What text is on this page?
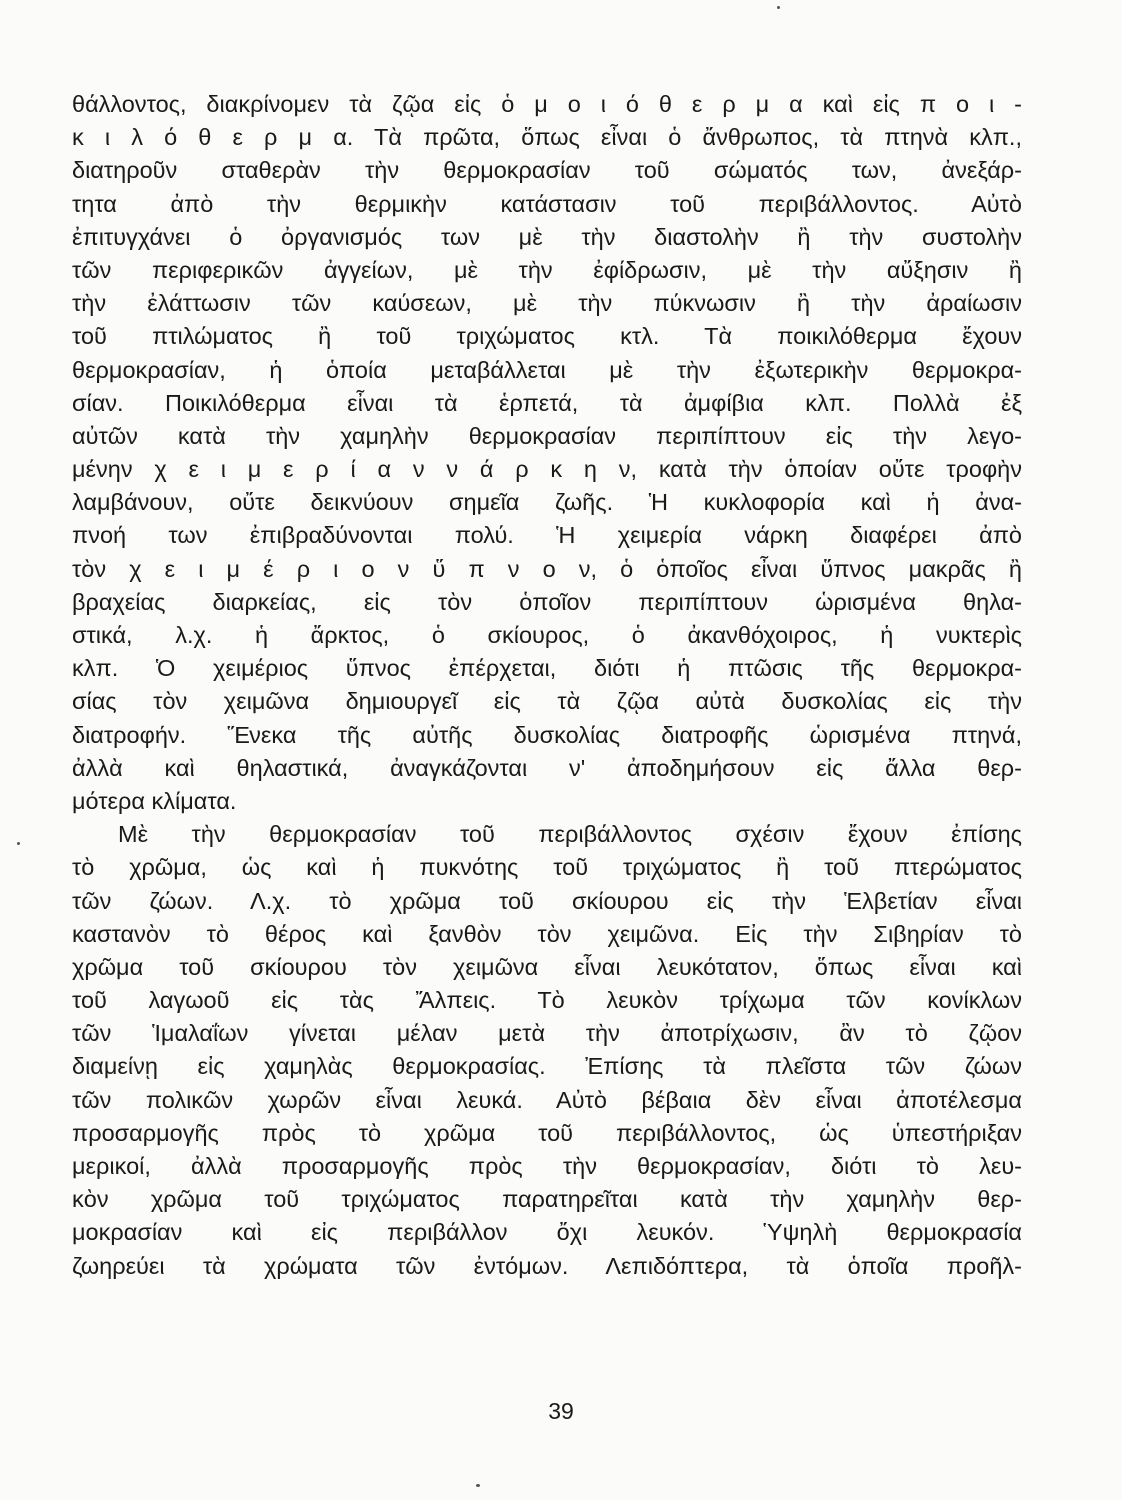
θάλλοντος, διακρίνομεν τὰ ζῷα εἰς ὁ μ ο ι ό θ ε ρ μ α καὶ εἰς π ο ι -
κ ι λ ό θ ε ρ μ α. Τὰ πρῶτα, ὅπως εἶναι ὁ ἄνθρωπος, τὰ πτηνὰ κλπ.,
διατηροῦν σταθερὰν τὴν θερμοκρασίαν τοῦ σώματός των, ἀνεξάρ-
τητα ἀπὸ τὴν θερμικὴν κατάστασιν τοῦ περιβάλλοντος. Αὐτὸ
ἐπιτυγχάνει ὁ ὀργανισμός των μὲ τὴν διαστολὴν ἢ τὴν συστολὴν
τῶν περιφερικῶν ἀγγείων, μὲ τὴν ἐφίδρωσιν, μὲ τὴν αὔξησιν ἢ
τὴν ἐλάττωσιν τῶν καύσεων, μὲ τὴν πύκνωσιν ἢ τὴν ἀραίωσιν
τοῦ πτιλώματος ἢ τοῦ τριχώματος κτλ. Τὰ ποικιλόθερμα ἔχουν
θερμοκρασίαν, ἡ ὁποία μεταβάλλεται μὲ τὴν ἐξωτερικὴν θερμοκρα-
σίαν. Ποικιλόθερμα εἶναι τὰ ἑρπετά, τὰ ἀμφίβια κλπ. Πολλὰ ἐξ
αὐτῶν κατὰ τὴν χαμηλὴν θερμοκρασίαν περιπίπτουν εἰς τὴν λεγο-
μένην χ ε ι μ ε ρ ί α ν ν ά ρ κ η ν, κατὰ τὴν ὁποίαν οὔτε τροφὴν
λαμβάνουν, οὔτε δεικνύουν σημεῖα ζωῆς. Ἡ κυκλοφορία καὶ ἡ ἀνα-
πνοή των ἐπιβραδύνονται πολύ. Ἡ χειμερία νάρκη διαφέρει ἀπὸ
τὸν χ ε ι μ έ ρ ι ο ν ὕ π ν ο ν, ὁ ὁποῖος εἶναι ὕπνος μακρᾶς ἢ
βραχείας διαρκείας, εἰς τὸν ὁποῖον περιπίπτουν ὡρισμένα θηλα-
στικά, λ.χ. ἡ ἄρκτος, ὁ σκίουρος, ὁ ἀκανθόχοιρος, ἡ νυκτερὶς
κλπ. Ὁ χειμέριος ὕπνος ἐπέρχεται, διότι ἡ πτῶσις τῆς θερμοκρα-
σίας τὸν χειμῶνα δημιουργεῖ εἰς τὰ ζῷα αὐτὰ δυσκολίας εἰς τὴν
διατροφήν. Ἕνεκα τῆς αὐτῆς δυσκολίας διατροφῆς ὡρισμένα πτηνά,
ἀλλὰ καὶ θηλαστικά, ἀναγκάζονται ν' ἀποδημήσουν εἰς ἄλλα θερ-
μότερα κλίματα.
Μὲ τὴν θερμοκρασίαν τοῦ περιβάλλοντος σχέσιν ἔχουν ἐπίσης
τὸ χρῶμα, ὡς καὶ ἡ πυκνότης τοῦ τριχώματος ἢ τοῦ πτερώματος
τῶν ζώων. Λ.χ. τὸ χρῶμα τοῦ σκίουρου εἰς τὴν Ἑλβετίαν εἶναι
καστανὸν τὸ θέρος καὶ ξανθὸν τὸν χειμῶνα. Εἰς τὴν Σιβηρίαν τὸ
χρῶμα τοῦ σκίουρου τὸν χειμῶνα εἶναι λευκότατον, ὅπως εἶναι καὶ
τοῦ λαγωοῦ εἰς τὰς Ἄλπεις. Τὸ λευκὸν τρίχωμα τῶν κονίκλων
τῶν Ἱμαλαΐων γίνεται μέλαν μετὰ τὴν ἀποτρίχωσιν, ἂν τὸ ζῷον
διαμείνῃ εἰς χαμηλὰς θερμοκρασίας. Ἐπίσης τὰ πλεῖστα τῶν ζώων
τῶν πολικῶν χωρῶν εἶναι λευκά. Αὐτὸ βέβαια δὲν εἶναι ἀποτέλεσμα
προσαρμογῆς πρὸς τὸ χρῶμα τοῦ περιβάλλοντος, ὡς ὑπεστήριξαν
μερικοί, ἀλλὰ προσαρμογῆς πρὸς τὴν θερμοκρασίαν, διότι τὸ λευ-
κὸν χρῶμα τοῦ τριχώματος παρατηρεῖται κατὰ τὴν χαμηλὴν θερ-
μοκρασίαν καὶ εἰς περιβάλλον ὄχι λευκόν. Ὑψηλὴ θερμοκρασία
ζωηρεύει τὰ χρώματα τῶν ἐντόμων. Λεπιδόπτερα, τὰ ὁποῖα προῆλ-
39
